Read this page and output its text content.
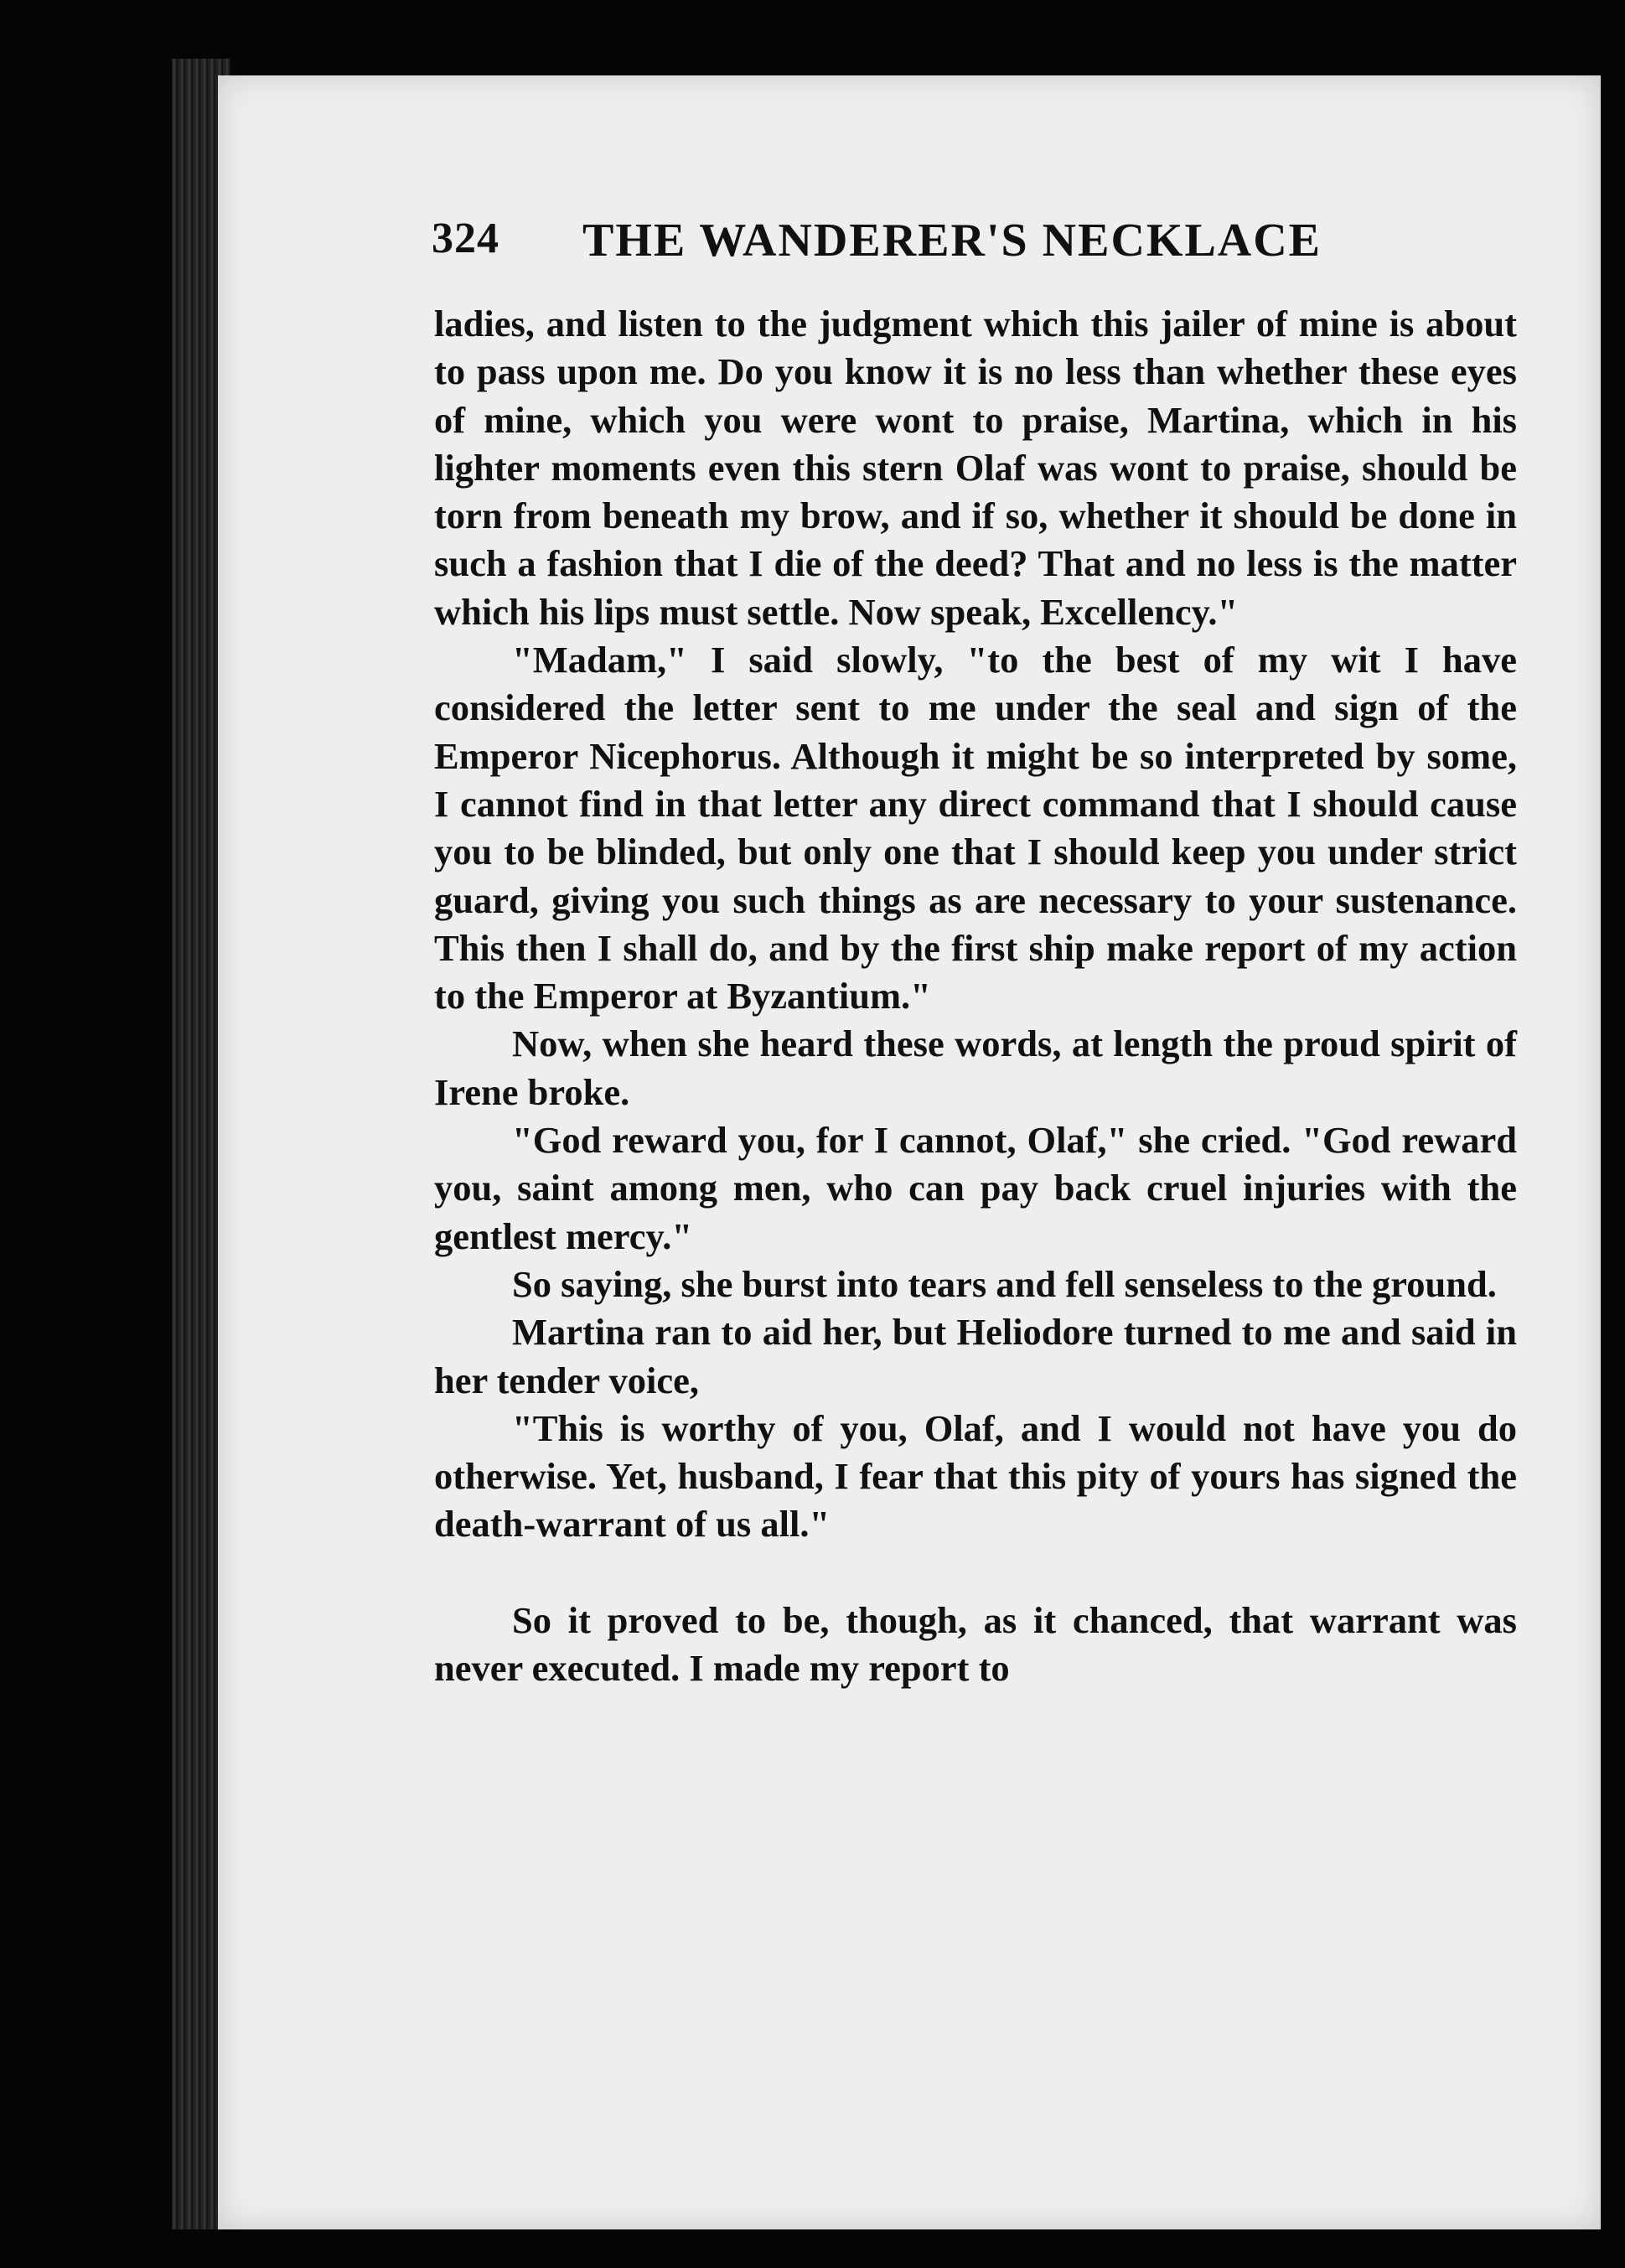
324 THE WANDERER'S NECKLACE

ladies, and listen to the judgment which this jailer of mine is about to pass upon me. Do you know it is no less than whether these eyes of mine, which you were wont to praise, Martina, which in his lighter moments even this stern Olaf was wont to praise, should be torn from beneath my brow, and if so, whether it should be done in such a fashion that I die of the deed? That and no less is the matter which his lips must settle. Now speak, Excellency."

"Madam," I said slowly, "to the best of my wit I have considered the letter sent to me under the seal and sign of the Emperor Nicephorus. Although it might be so interpreted by some, I cannot find in that letter any direct command that I should cause you to be blinded, but only one that I should keep you under strict guard, giving you such things as are necessary to your sustenance. This then I shall do, and by the first ship make report of my action to the Emperor at Byzantium."

Now, when she heard these words, at length the proud spirit of Irene broke.

"God reward you, for I cannot, Olaf," she cried. "God reward you, saint among men, who can pay back cruel injuries with the gentlest mercy."

So saying, she burst into tears and fell senseless to the ground.

Martina ran to aid her, but Heliodore turned to me and said in her tender voice,

"This is worthy of you, Olaf, and I would not have you do otherwise. Yet, husband, I fear that this pity of yours has signed the death-warrant of us all."

So it proved to be, though, as it chanced, that warrant was never executed. I made my report to
